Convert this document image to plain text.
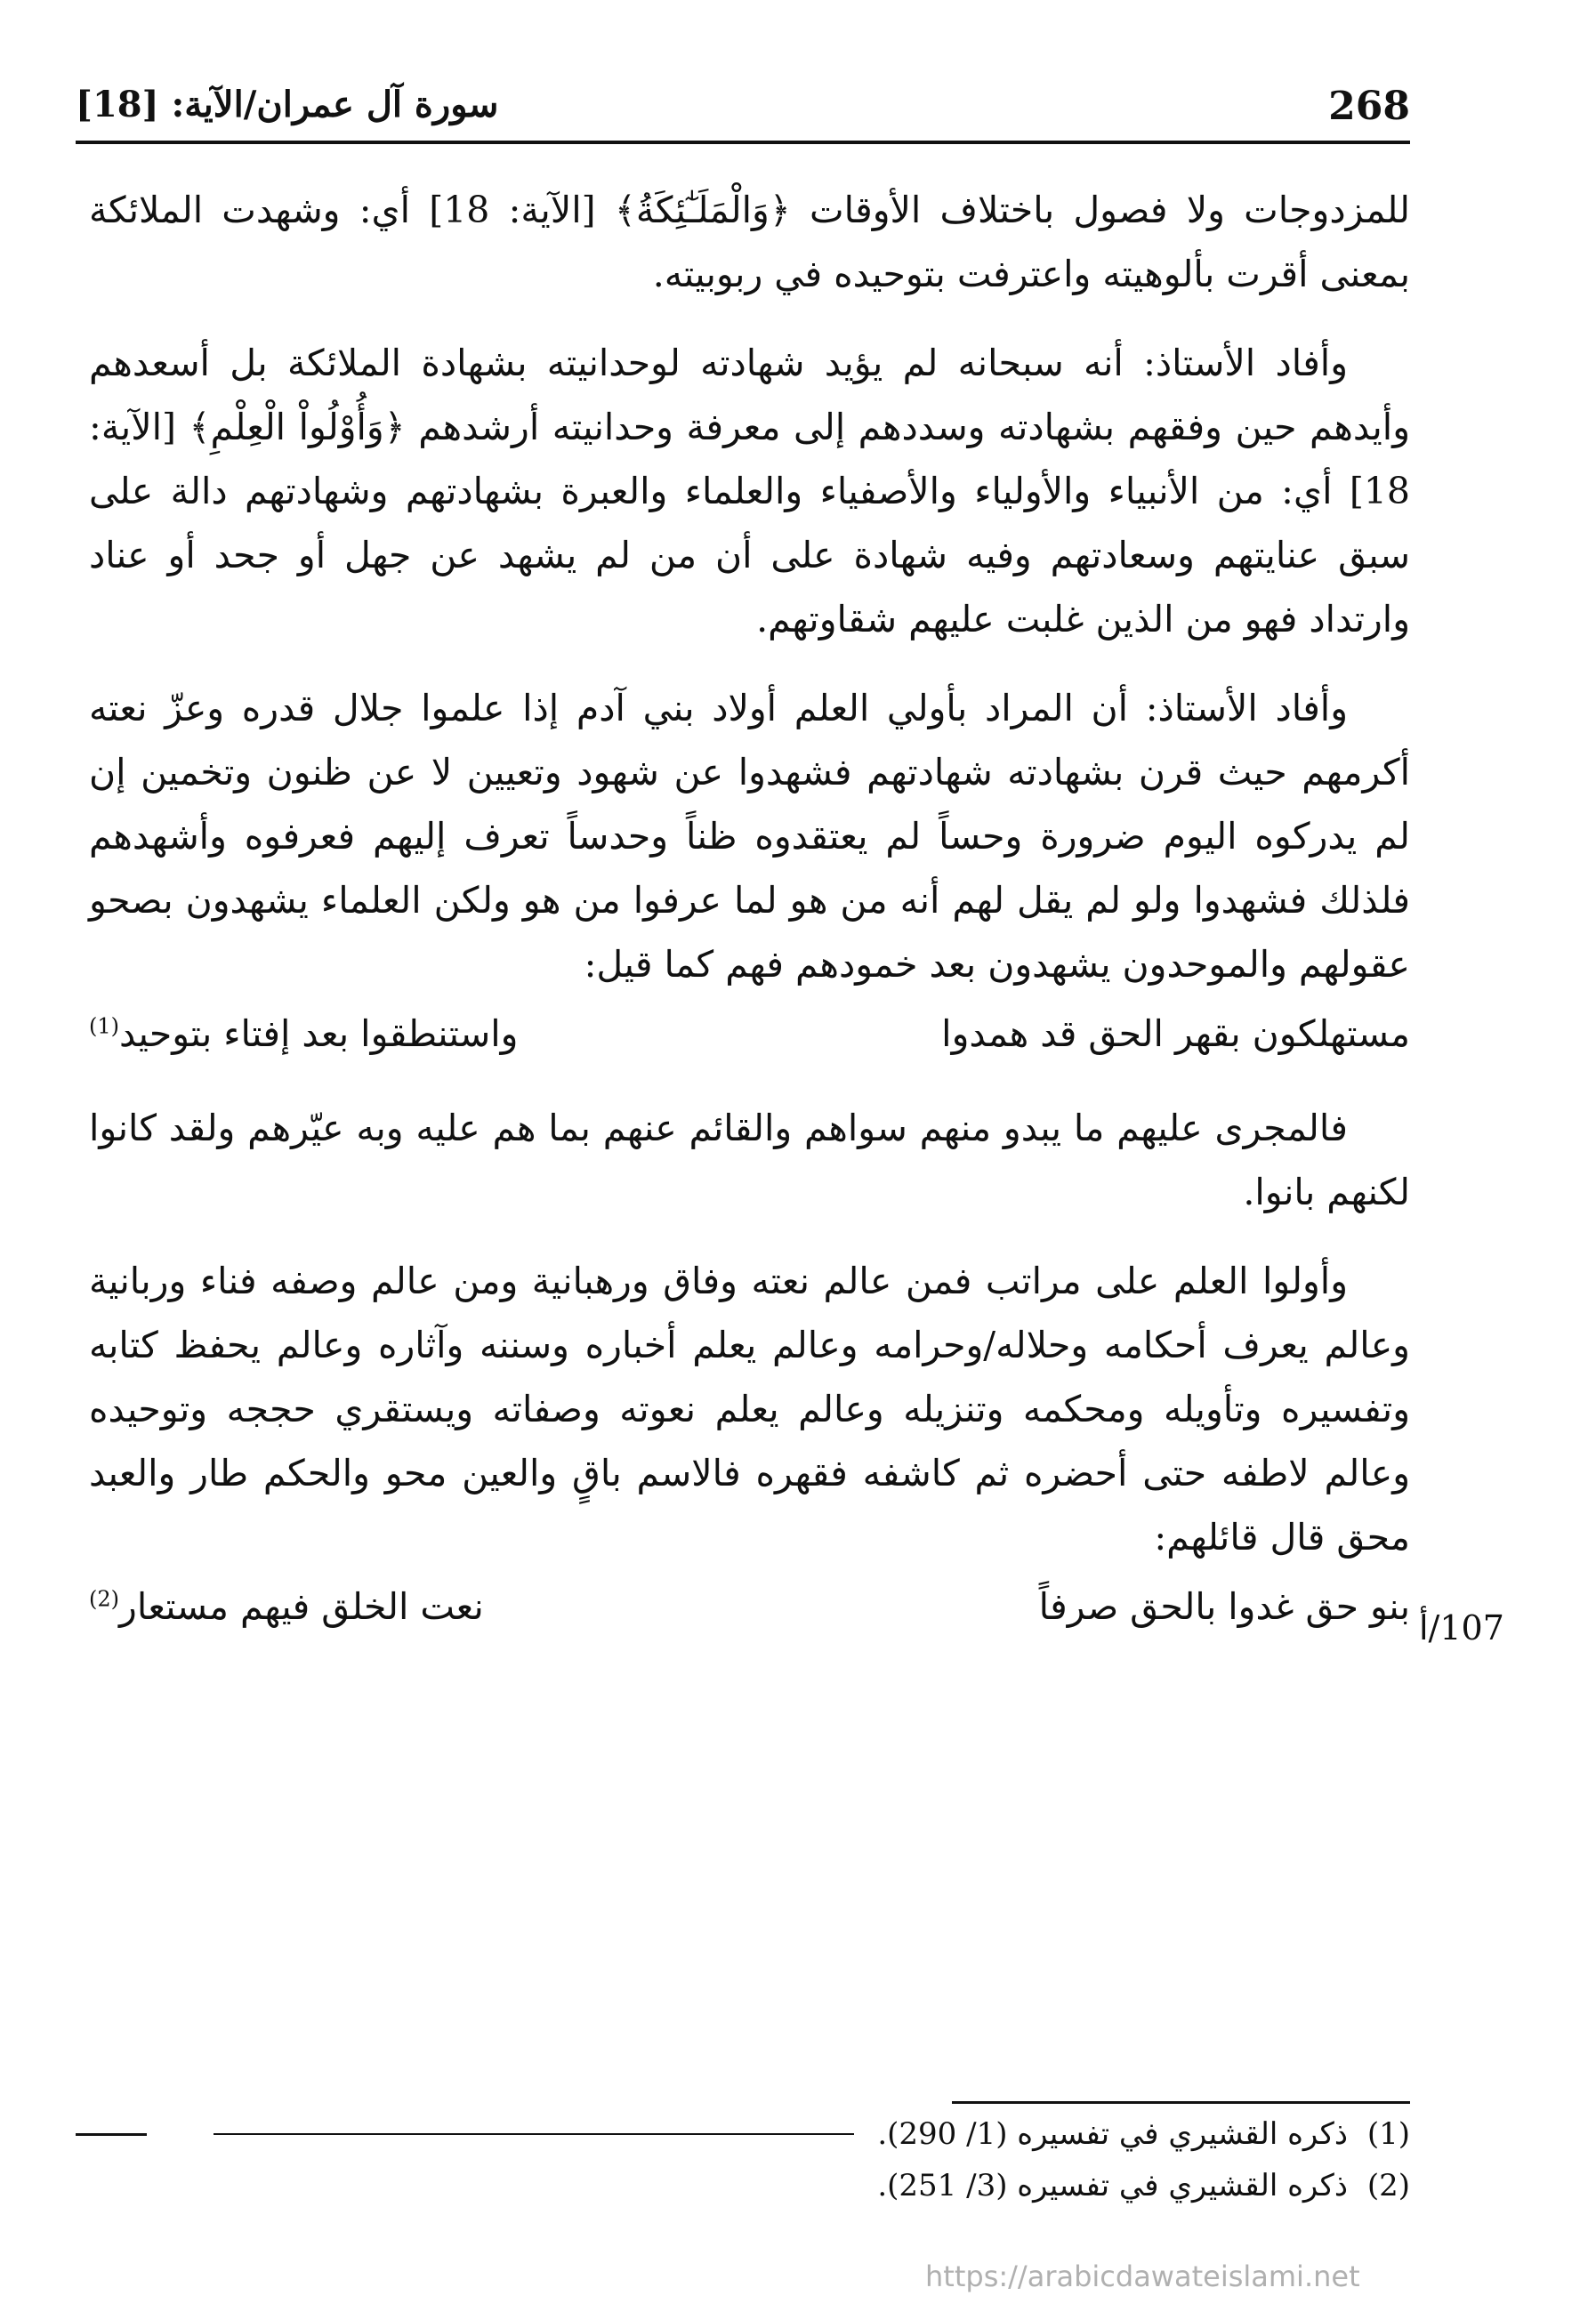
268
سورة آل عمران/الآية: [18]

للمزدوجات ولا فصول باختلاف الأوقات ﴿وَالْمَلَـٰٓئِكَةُ﴾ [الآية: 18] أي: وشهدت الملائكة بمعنى أقرت بألوهيته واعترفت بتوحيده في ربوبيته.

وأفاد الأستاذ: أنه سبحانه لم يؤيد شهادته لوحدانيته بشهادة الملائكة بل أسعدهم وأيدهم حين وفقهم بشهادته وسددهم إلى معرفة وحدانيته أرشدهم ﴿وَأُوْلُواْ الْعِلْمِ﴾ [الآية: 18] أي: من الأنبياء والأولياء والأصفياء والعلماء والعبرة بشهادتهم وشهادتهم دالة على سبق عنايتهم وسعادتهم وفيه شهادة على أن من لم يشهد عن جهل أو جحد أو عناد وارتداد فهو من الذين غلبت عليهم شقاوتهم.

وأفاد الأستاذ: أن المراد بأولي العلم أولاد بني آدم إذا علموا جلال قدره وعزّ نعته أكرمهم حيث قرن بشهادته شهادتهم فشهدوا عن شهود وتعيين لا عن ظنون وتخمين إن لم يدركوه اليوم ضرورة وحساً لم يعتقدوه ظناً وحدساً تعرف إليهم فعرفوه وأشهدهم فلذلك فشهدوا ولو لم يقل لهم أنه من هو لما عرفوا من هو ولكن العلماء يشهدون بصحو عقولهم والموحدون يشهدون بعد خمودهم فهم كما قيل:

مستهلكون بقهر الحق قد همدوا
واستنطقوا بعد إفتاء بتوحيد$^{(1)}$

فالمجرى عليهم ما يبدو منهم سواهم والقائم عنهم بما هم عليه وبه عيّرهم ولقد كانوا لكنهم بانوا.

وأولوا العلم على مراتب فمن عالم نعته وفاق ورهبانية ومن عالم وصفه فناء وربانية وعالم يعرف أحكامه وحلاله/وحرامه وعالم يعلم أخباره وسننه وآثاره وعالم يحفظ كتابه وتفسيره وتأويله ومحكمه وتنزيله وعالم يعلم نعوته وصفاته ويستقري حججه وتوحيده وعالم لاطفه حتى أحضره ثم كاشفه فقهره فالاسم باقٍ والعين محو والحكم طار والعبد محق قال قائلهم:

بنو حق غدوا بالحق صرفاً
نعت الخلق فيهم مستعار$^{(2)}$
107/أ
(1)ذكره القشيري في تفسيره (1/ 290).
(2)ذكره القشيري في تفسيره (3/ 251).
https://arabicdawateislami.net
